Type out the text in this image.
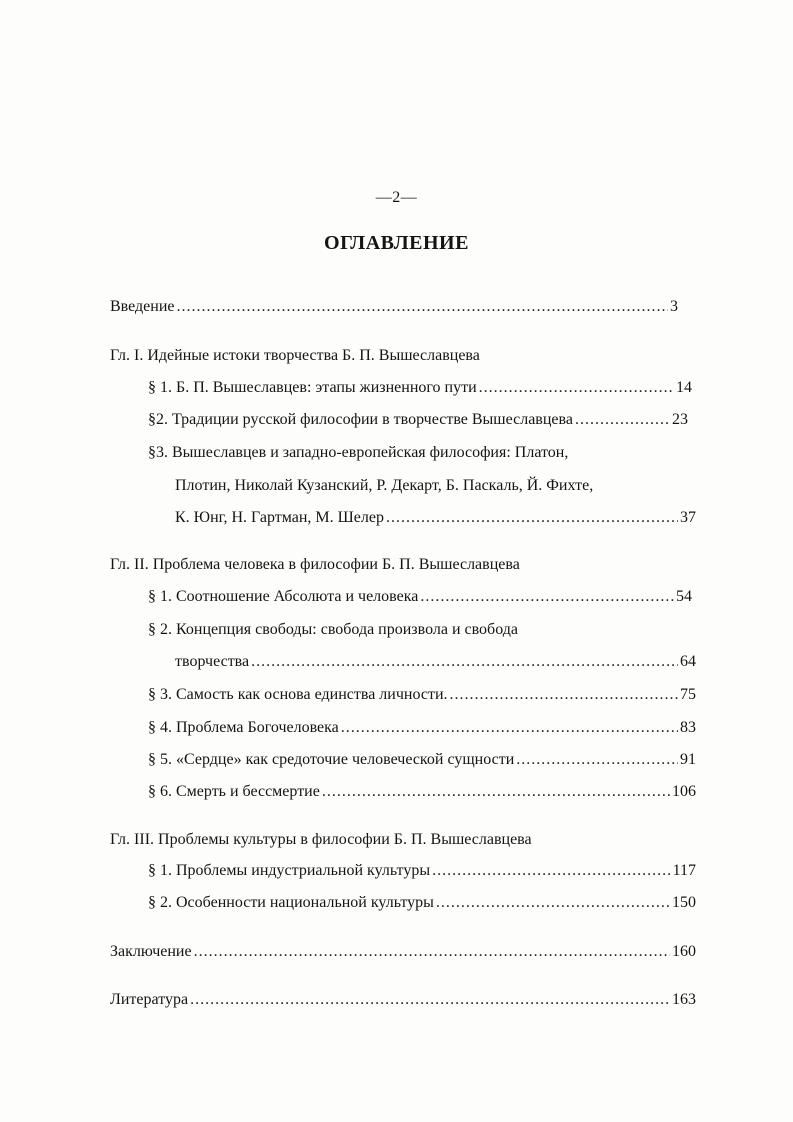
—2—
ОГЛАВЛЕНИЕ
Введение .....	3
Гл. I. Идейные истоки творчества Б. П. Вышеславцева
§ 1. Б. П. Вышеславцев: этапы жизненного пути .....	14
§2. Традиции русской философии в творчестве Вышеславцева .....	23
§3. Вышеславцев и западно-европейская философия: Платон,
Плотин, Николай Кузанский, Р. Декарт, Б. Паскаль, Й. Фихте,
К. Юнг, Н. Гартман, М. Шелер .....	37
Гл. II. Проблема человека в философии Б. П. Вышеславцева
§ 1. Соотношение Абсолюта и человека .....	54
§ 2. Концепция свободы: свобода произвола и свобода
творчества .....	64
§ 3. Самость как основа единства личности. .....	75
§ 4. Проблема Богочеловека .....	83
§ 5. «Сердце» как средоточие человеческой сущности .....	91
§ 6. Смерть и бессмертие .....	106
Гл. III. Проблемы культуры в философии Б. П. Вышеславцева
§ 1. Проблемы индустриальной культуры .....	117
§ 2. Особенности национальной культуры .....	150
Заключение .....	160
Литература .....	163
